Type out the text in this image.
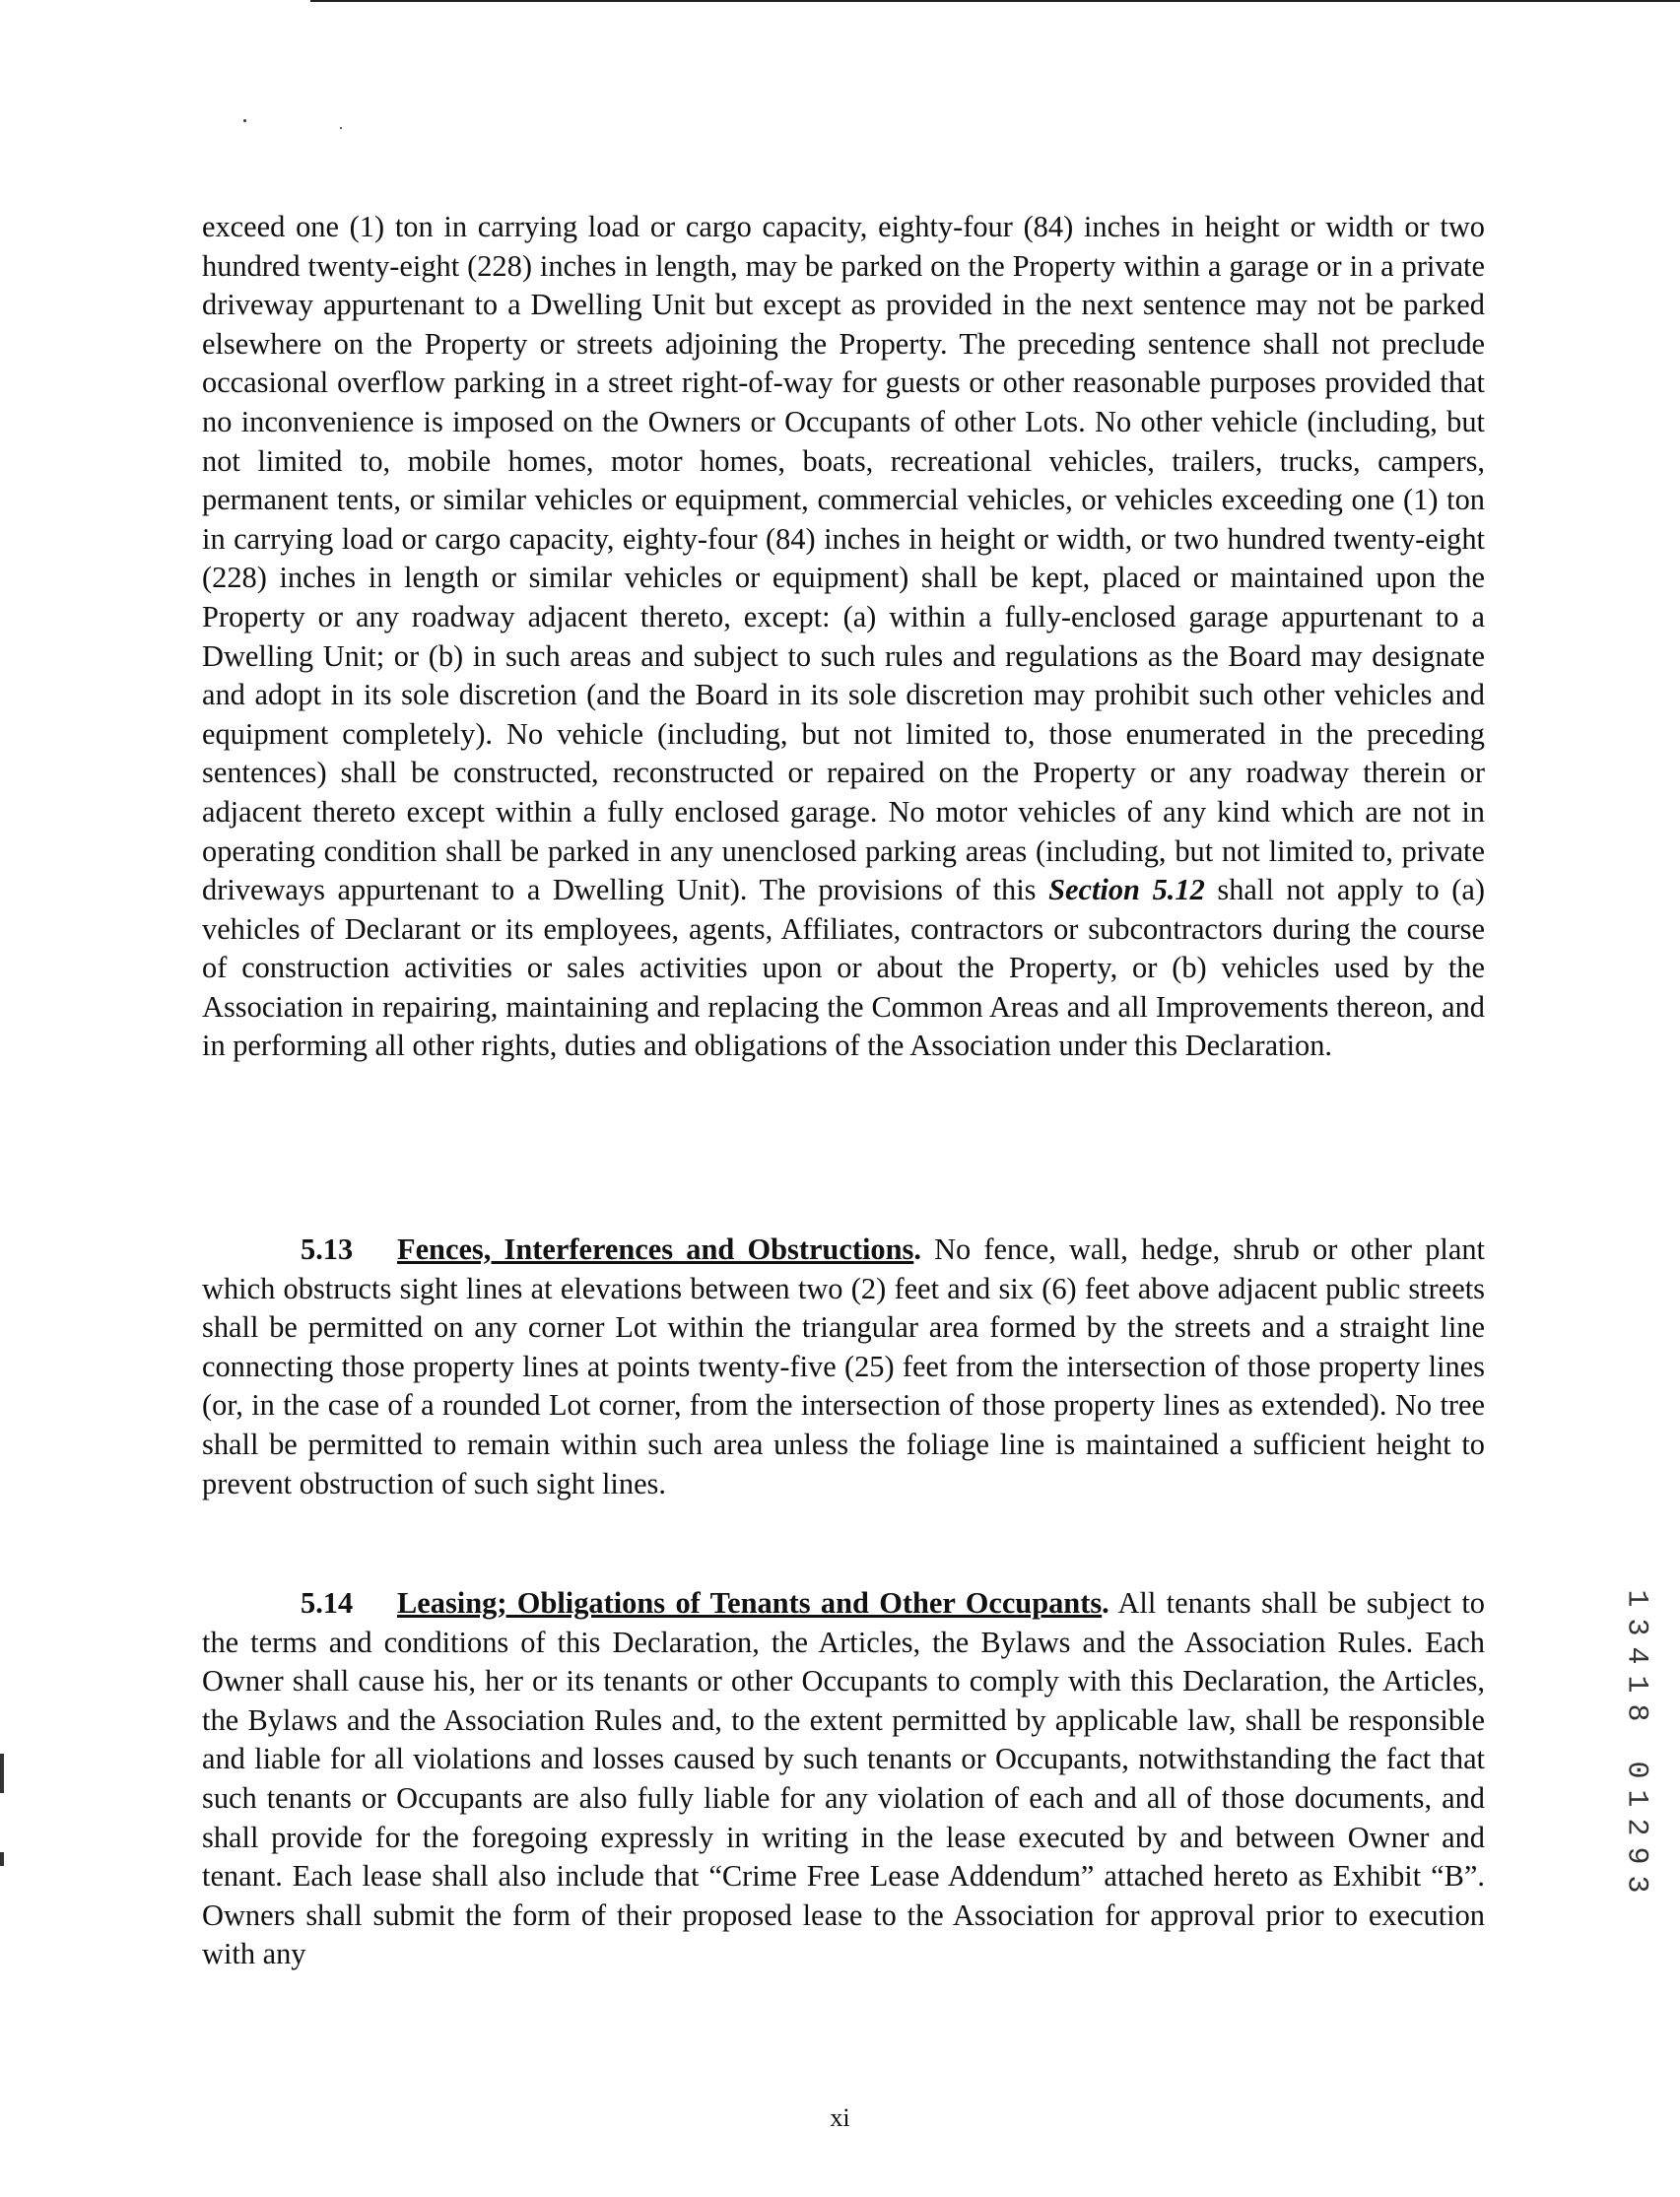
exceed one (1) ton in carrying load or cargo capacity, eighty-four (84) inches in height or width or two hundred twenty-eight (228) inches in length, may be parked on the Property within a garage or in a private driveway appurtenant to a Dwelling Unit but except as provided in the next sentence may not be parked elsewhere on the Property or streets adjoining the Property. The preceding sentence shall not preclude occasional overflow parking in a street right-of-way for guests or other reasonable purposes provided that no inconvenience is imposed on the Owners or Occupants of other Lots. No other vehicle (including, but not limited to, mobile homes, motor homes, boats, recreational vehicles, trailers, trucks, campers, permanent tents, or similar vehicles or equipment, commercial vehicles, or vehicles exceeding one (1) ton in carrying load or cargo capacity, eighty-four (84) inches in height or width, or two hundred twenty-eight (228) inches in length or similar vehicles or equipment) shall be kept, placed or maintained upon the Property or any roadway adjacent thereto, except: (a) within a fully-enclosed garage appurtenant to a Dwelling Unit; or (b) in such areas and subject to such rules and regulations as the Board may designate and adopt in its sole discretion (and the Board in its sole discretion may prohibit such other vehicles and equipment completely). No vehicle (including, but not limited to, those enumerated in the preceding sentences) shall be constructed, reconstructed or repaired on the Property or any roadway therein or adjacent thereto except within a fully enclosed garage. No motor vehicles of any kind which are not in operating condition shall be parked in any unenclosed parking areas (including, but not limited to, private driveways appurtenant to a Dwelling Unit). The provisions of this Section 5.12 shall not apply to (a) vehicles of Declarant or its employees, agents, Affiliates, contractors or subcontractors during the course of construction activities or sales activities upon or about the Property, or (b) vehicles used by the Association in repairing, maintaining and replacing the Common Areas and all Improvements thereon, and in performing all other rights, duties and obligations of the Association under this Declaration.

5.13 Fences, Interferences and Obstructions. No fence, wall, hedge, shrub or other plant which obstructs sight lines at elevations between two (2) feet and six (6) feet above adjacent public streets shall be permitted on any corner Lot within the triangular area formed by the streets and a straight line connecting those property lines at points twenty-five (25) feet from the intersection of those property lines (or, in the case of a rounded Lot corner, from the intersection of those property lines as extended). No tree shall be permitted to remain within such area unless the foliage line is maintained a sufficient height to prevent obstruction of such sight lines.

5.14 Leasing; Obligations of Tenants and Other Occupants. All tenants shall be subject to the terms and conditions of this Declaration, the Articles, the Bylaws and the Association Rules. Each Owner shall cause his, her or its tenants or other Occupants to comply with this Declaration, the Articles, the Bylaws and the Association Rules and, to the extent permitted by applicable law, shall be responsible and liable for all violations and losses caused by such tenants or Occupants, notwithstanding the fact that such tenants or Occupants are also fully liable for any violation of each and all of those documents, and shall provide for the foregoing expressly in writing in the lease executed by and between Owner and tenant. Each lease shall also include that “Crime Free Lease Addendum” attached hereto as Exhibit “B”. Owners shall submit the form of their proposed lease to the Association for approval prior to execution with any

1
3
4
1
8
0
1
2
9
3
xi
